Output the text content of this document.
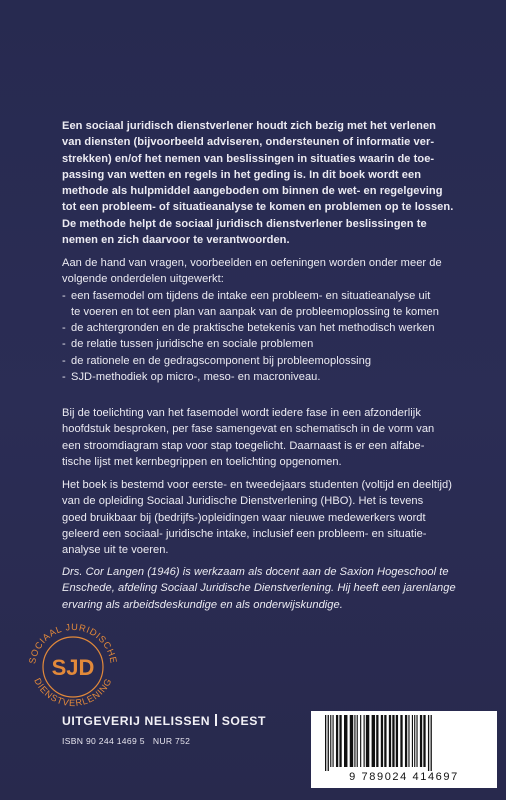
Een sociaal juridisch dienstverlener houdt zich bezig met het verlenen
van diensten (bijvoorbeeld adviseren, ondersteunen of informatie ver-
strekken) en/of het nemen van beslissingen in situaties waarin de toe-
passing van wetten en regels in het geding is. In dit boek wordt een
methode als hulpmiddel aangeboden om binnen de wet- en regelgeving
tot een probleem- of situatieanalyse te komen en problemen op te lossen.
De methode helpt de sociaal juridisch dienstverlener beslissingen te
nemen en zich daarvoor te verantwoorden.

Aan de hand van vragen, voorbeelden en oefeningen worden onder meer de
volgende onderdelen uitgewerkt:

- een fasemodel om tijdens de intake een probleem- en situatieanalyse uit
te voeren en tot een plan van aanpak van de probleemoplossing te komen
- de achtergronden en de praktische betekenis van het methodisch werken
- de relatie tussen juridische en sociale problemen
- de rationele en de gedragscomponent bij probleemoplossing
- SJD-methodiek op micro-, meso- en macroniveau.
Bij de toelichting van het fasemodel wordt iedere fase in een afzonderlijk
hoofdstuk besproken, per fase samengevat en schematisch in de vorm van
een stroomdiagram stap voor stap toegelicht. Daarnaast is er een alfabe-
tische lijst met kernbegrippen en toelichting opgenomen.
Het boek is bestemd voor eerste- en tweedejaars studenten (voltijd en deeltijd)
van de opleiding Sociaal Juridische Dienstverlening (HBO). Het is tevens
goed bruikbaar bij (bedrijfs-)opleidingen waar nieuwe medewerkers wordt
geleerd een sociaal- juridische intake, inclusief een probleem- en situatie-
analyse uit te voeren.
Drs. Cor Langen (1946) is werkzaam als docent aan de Saxion Hogeschool te
Enschede, afdeling Sociaal Juridische Dienstverlening. Hij heeft een jarenlange
ervaring als arbeidsdeskundige en als onderwijskundige.
SOCIAAL JURIDISCHE
DIENSTVERLENING
SJD
UITGEVERIJ NELISSEN SOEST
ISBN 90 244 1469 5 NUR 752
9 789024 414697
